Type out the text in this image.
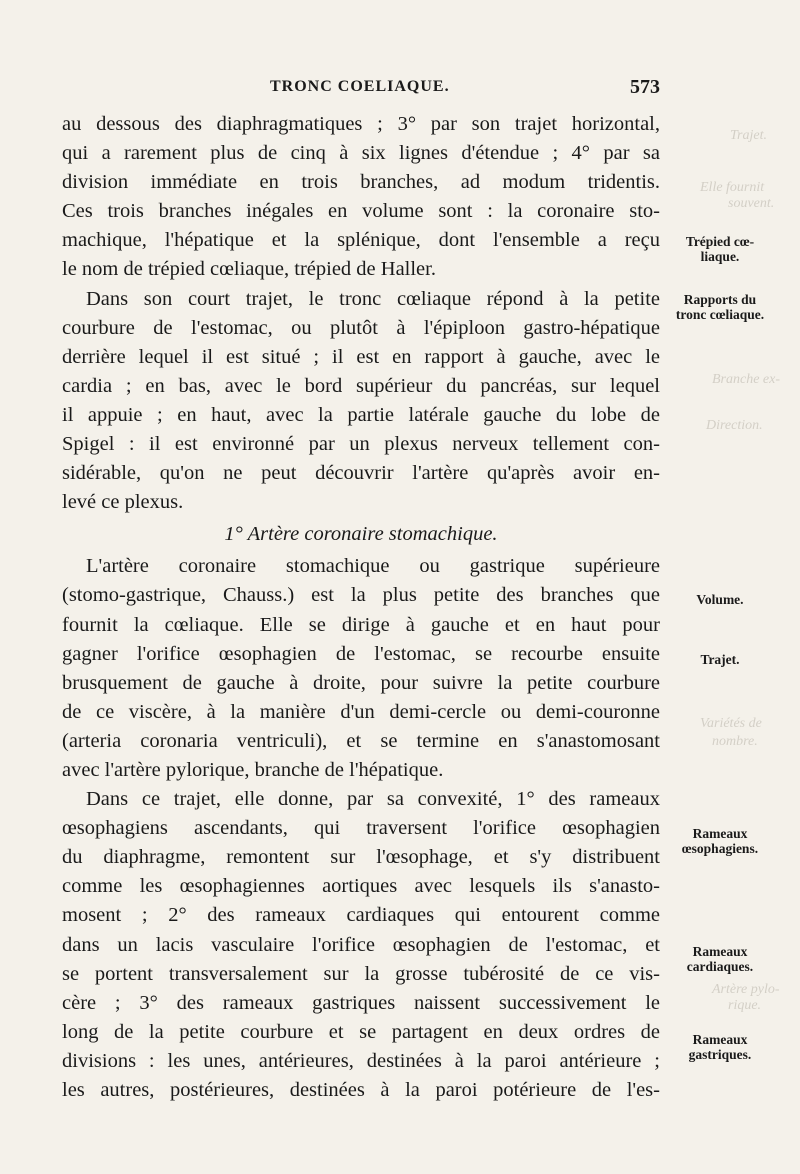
Trajet.
Elle fournit
souvent.
Branche ex-
Direction.
Variétés de
nombre.
Artère pylo-
rique.
TRONC COELIAQUE.	573
au dessous des diaphragmatiques ; 3° par son trajet horizontal,
qui a rarement plus de cinq à six lignes d'étendue ; 4° par sa
division immédiate en trois branches, ad modum tridentis.
Ces trois branches inégales en volume sont : la coronaire sto-
machique, l'hépatique et la splénique, dont l'ensemble a reçu
le nom de trépied cœliaque, trépied de Haller.
Dans son court trajet, le tronc cœliaque répond à la petite
courbure de l'estomac, ou plutôt à l'épiploon gastro-hépatique
derrière lequel il est situé ; il est en rapport à gauche, avec le
cardia ; en bas, avec le bord supérieur du pancréas, sur lequel
il appuie ; en haut, avec la partie latérale gauche du lobe de
Spigel : il est environné par un plexus nerveux tellement con-
sidérable, qu'on ne peut découvrir l'artère qu'après avoir en-
levé ce plexus.
1° Artère coronaire stomachique.
L'artère coronaire stomachique ou gastrique supérieure
(stomo-gastrique, Chauss.) est la plus petite des branches que
fournit la cœliaque. Elle se dirige à gauche et en haut pour
gagner l'orifice œsophagien de l'estomac, se recourbe ensuite
brusquement de gauche à droite, pour suivre la petite courbure
de ce viscère, à la manière d'un demi-cercle ou demi-couronne
(arteria coronaria ventriculi), et se termine en s'anastomosant
avec l'artère pylorique, branche de l'hépatique.
Dans ce trajet, elle donne, par sa convexité, 1° des rameaux
œsophagiens ascendants, qui traversent l'orifice œsophagien
du diaphragme, remontent sur l'œsophage, et s'y distribuent
comme les œsophagiennes aortiques avec lesquels ils s'anasto-
mosent ; 2° des rameaux cardiaques qui entourent comme
dans un lacis vasculaire l'orifice œsophagien de l'estomac, et
se portent transversalement sur la grosse tubérosité de ce vis-
cère ; 3° des rameaux gastriques naissent successivement le
long de la petite courbure et se partagent en deux ordres de
divisions : les unes, antérieures, destinées à la paroi antérieure ;
les autres, postérieures, destinées à la paroi potérieure de l'es-
Trépied cœ-
liaque.
Rapports du
tronc cœliaque.
Volume.
Trajet.
Rameaux
œsophagiens.
Rameaux
cardiaques.
Rameaux
gastriques.
